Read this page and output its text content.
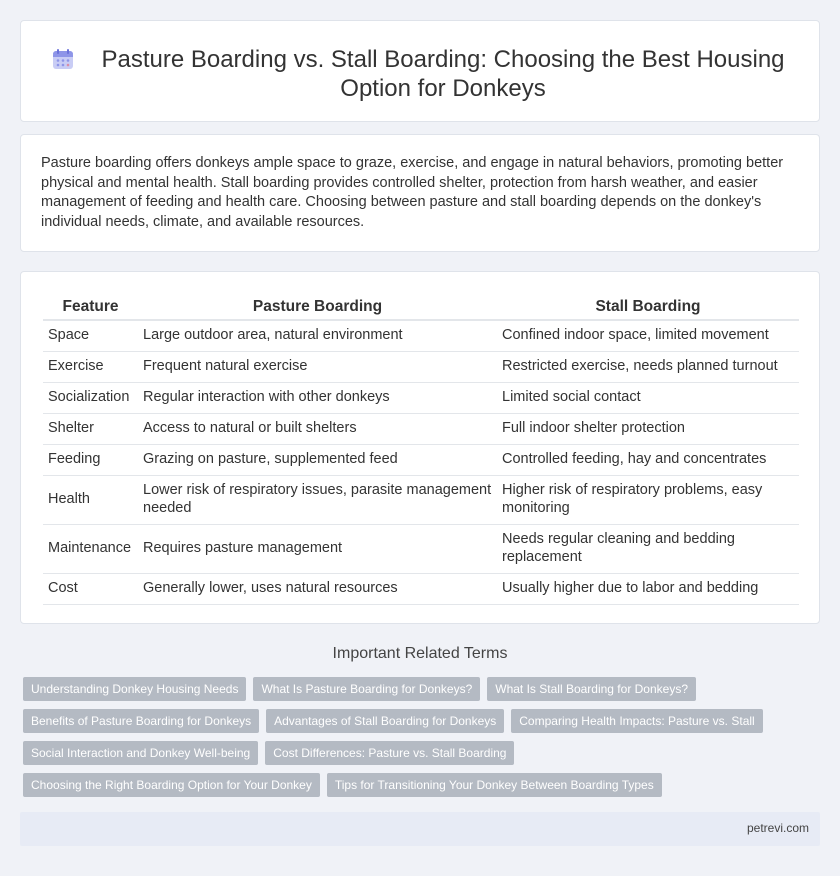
Pasture Boarding vs. Stall Boarding: Choosing the Best Housing Option for Donkeys

Pasture boarding offers donkeys ample space to graze, exercise, and engage in natural behaviors, promoting better physical and mental health. Stall boarding provides controlled shelter, protection from harsh weather, and easier management of feeding and health care. Choosing between pasture and stall boarding depends on the donkey's individual needs, climate, and available resources.

Feature	Pasture Boarding	Stall Boarding
Space	Large outdoor area, natural environment	Confined indoor space, limited movement
Exercise	Frequent natural exercise	Restricted exercise, needs planned turnout
Socialization	Regular interaction with other donkeys	Limited social contact
Shelter	Access to natural or built shelters	Full indoor shelter protection
Feeding	Grazing on pasture, supplemented feed	Controlled feeding, hay and concentrates
Health	Lower risk of respiratory issues, parasite management needed	Higher risk of respiratory problems, easy monitoring
Maintenance	Requires pasture management	Needs regular cleaning and bedding replacement
Cost	Generally lower, uses natural resources	Usually higher due to labor and bedding
Important Related Terms
Understanding Donkey Housing Needs	What Is Pasture Boarding for Donkeys?	What Is Stall Boarding for Donkeys?
Benefits of Pasture Boarding for Donkeys	Advantages of Stall Boarding for Donkeys	Comparing Health Impacts: Pasture vs. Stall
Social Interaction and Donkey Well-being	Cost Differences: Pasture vs. Stall Boarding
Choosing the Right Boarding Option for Your Donkey	Tips for Transitioning Your Donkey Between Boarding Types
petrevi.com
